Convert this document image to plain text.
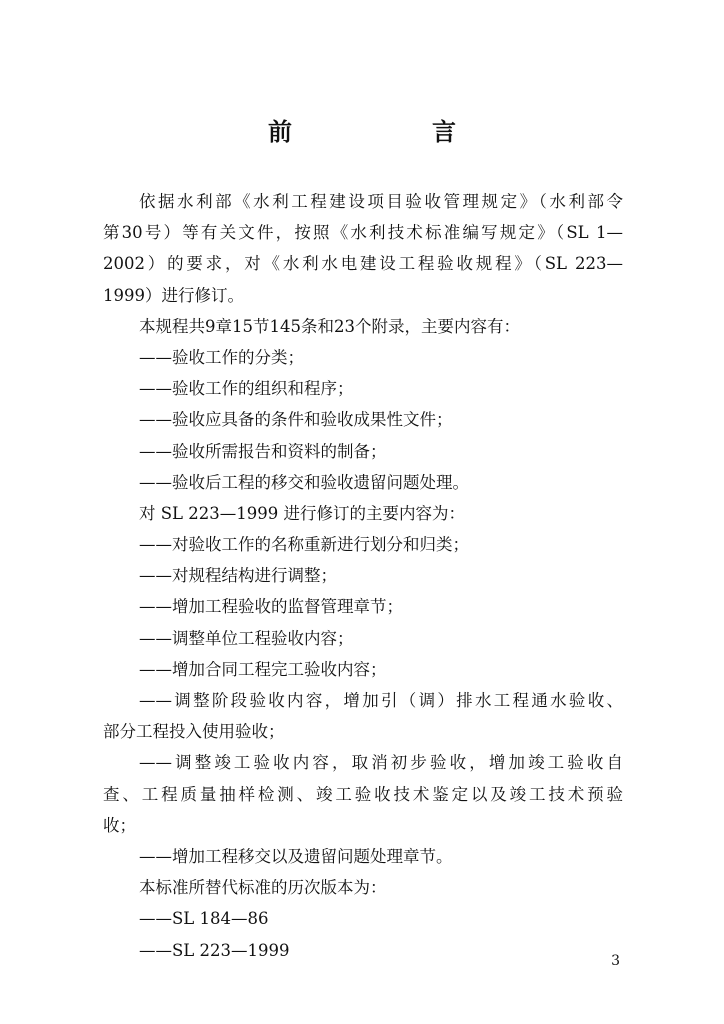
前　言
依据水利部《水利工程建设项目验收管理规定》（水利部令
第30号）等有关文件，按照《水利技术标准编写规定》（SL 1—
2002）的要求，对《水利水电建设工程验收规程》（SL 223—
1999）进行修订。
本规程共9章15节145条和23个附录，主要内容有：
——验收工作的分类；
——验收工作的组织和程序；
——验收应具备的条件和验收成果性文件；
——验收所需报告和资料的制备；
——验收后工程的移交和验收遗留问题处理。
对 SL 223—1999 进行修订的主要内容为：
——对验收工作的名称重新进行划分和归类；
——对规程结构进行调整；
——增加工程验收的监督管理章节；
——调整单位工程验收内容；
——增加合同工程完工验收内容；
——调整阶段验收内容，增加引（调）排水工程通水验收、
部分工程投入使用验收；
——调整竣工验收内容，取消初步验收，增加竣工验收自
查、工程质量抽样检测、竣工验收技术鉴定以及竣工技术预验
收；
——增加工程移交以及遗留问题处理章节。
本标准所替代标准的历次版本为：
——SL 184—86
——SL 223—1999
3
